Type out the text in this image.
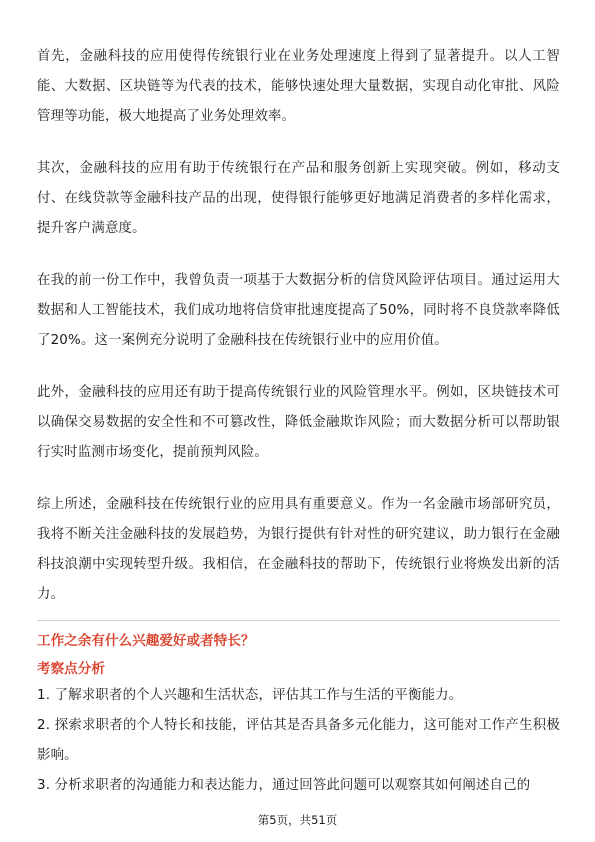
首先，金融科技的应用使得传统银行业在业务处理速度上得到了显著提升。以人工智能、大数据、区块链等为代表的技术，能够快速处理大量数据，实现自动化审批、风险管理等功能，极大地提高了业务处理效率。

其次，金融科技的应用有助于传统银行在产品和服务创新上实现突破。例如，移动支付、在线贷款等金融科技产品的出现，使得银行能够更好地满足消费者的多样化需求，提升客户满意度。

在我的前一份工作中，我曾负责一项基于大数据分析的信贷风险评估项目。通过运用大数据和人工智能技术，我们成功地将信贷审批速度提高了50%，同时将不良贷款率降低了20%。这一案例充分说明了金融科技在传统银行业中的应用价值。

此外，金融科技的应用还有助于提高传统银行业的风险管理水平。例如，区块链技术可以确保交易数据的安全性和不可篡改性，降低金融欺诈风险；而大数据分析可以帮助银行实时监测市场变化，提前预判风险。

综上所述，金融科技在传统银行业的应用具有重要意义。作为一名金融市场部研究员，我将不断关注金融科技的发展趋势，为银行提供有针对性的研究建议，助力银行在金融科技浪潮中实现转型升级。我相信，在金融科技的帮助下，传统银行业将焕发出新的活力。

工作之余有什么兴趣爱好或者特长？

考察点分析

1. 了解求职者的个人兴趣和生活状态，评估其工作与生活的平衡能力。
2. 探索求职者的个人特长和技能，评估其是否具备多元化能力，这可能对工作产生积极影响。
3. 分析求职者的沟通能力和表达能力，通过回答此问题可以观察其如何阐述自己的
第5页，共51页
